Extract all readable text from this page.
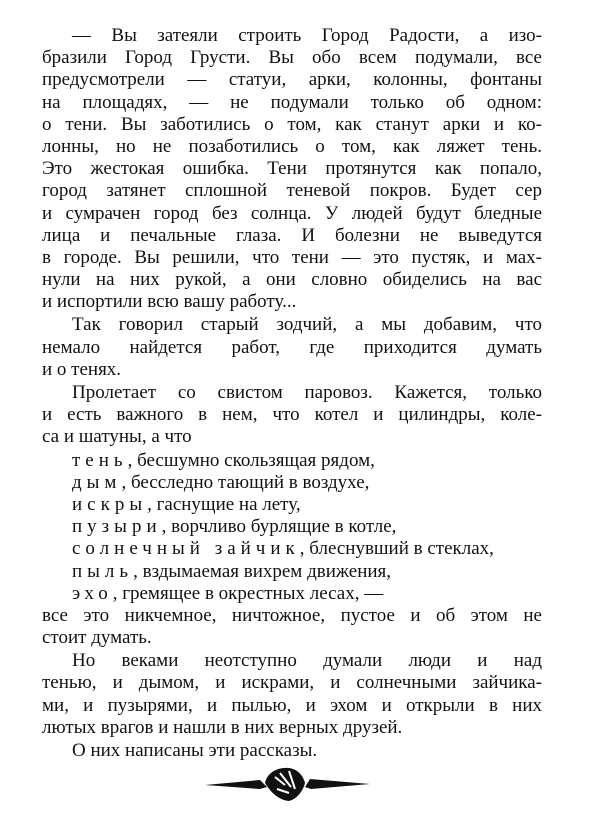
— Вы затеяли строить Город Радости, а изо-
бразили Город Грусти. Вы обо всем подумали, все
предусмотрели — статуи, арки, колонны, фонтаны
на площадях, — не подумали только об одном:
о тени. Вы заботились о том, как станут арки и ко-
лонны, но не позаботились о том, как ляжет тень.
Это жестокая ошибка. Тени протянутся как попало,
город затянет сплошной теневой покров. Будет сер
и сумрачен город без солнца. У людей будут бледные
лица и печальные глаза. И болезни не выведутся
в городе. Вы решили, что тени — это пустяк, и мах-
нули на них рукой, а они словно обиделись на вас
и испортили всю вашу работу...
Так говорил старый зодчий, а мы добавим, что
немало найдется работ, где приходится думать
и о тенях.
Пролетает со свистом паровоз. Кажется, только
и есть важного в нем, что котел и цилиндры, коле-
са и шатуны, а что
тень, бесшумно скользящая рядом,
дым, бесследно тающий в воздухе,
искры, гаснущие на лету,
пузыри, ворчливо бурлящие в котле,
солнечный зайчик, блеснувший в стеклах,
пыль, вздымаемая вихрем движения,
эхо, гремящее в окрестных лесах, —
все это никчемное, ничтожное, пустое и об этом не
стоит думать.
Но веками неотступно думали люди и над
тенью, и дымом, и искрами, и солнечными зайчика-
ми, и пузырями, и пылью, и эхом и открыли в них
лютых врагов и нашли в них верных друзей.
О них написаны эти рассказы.
